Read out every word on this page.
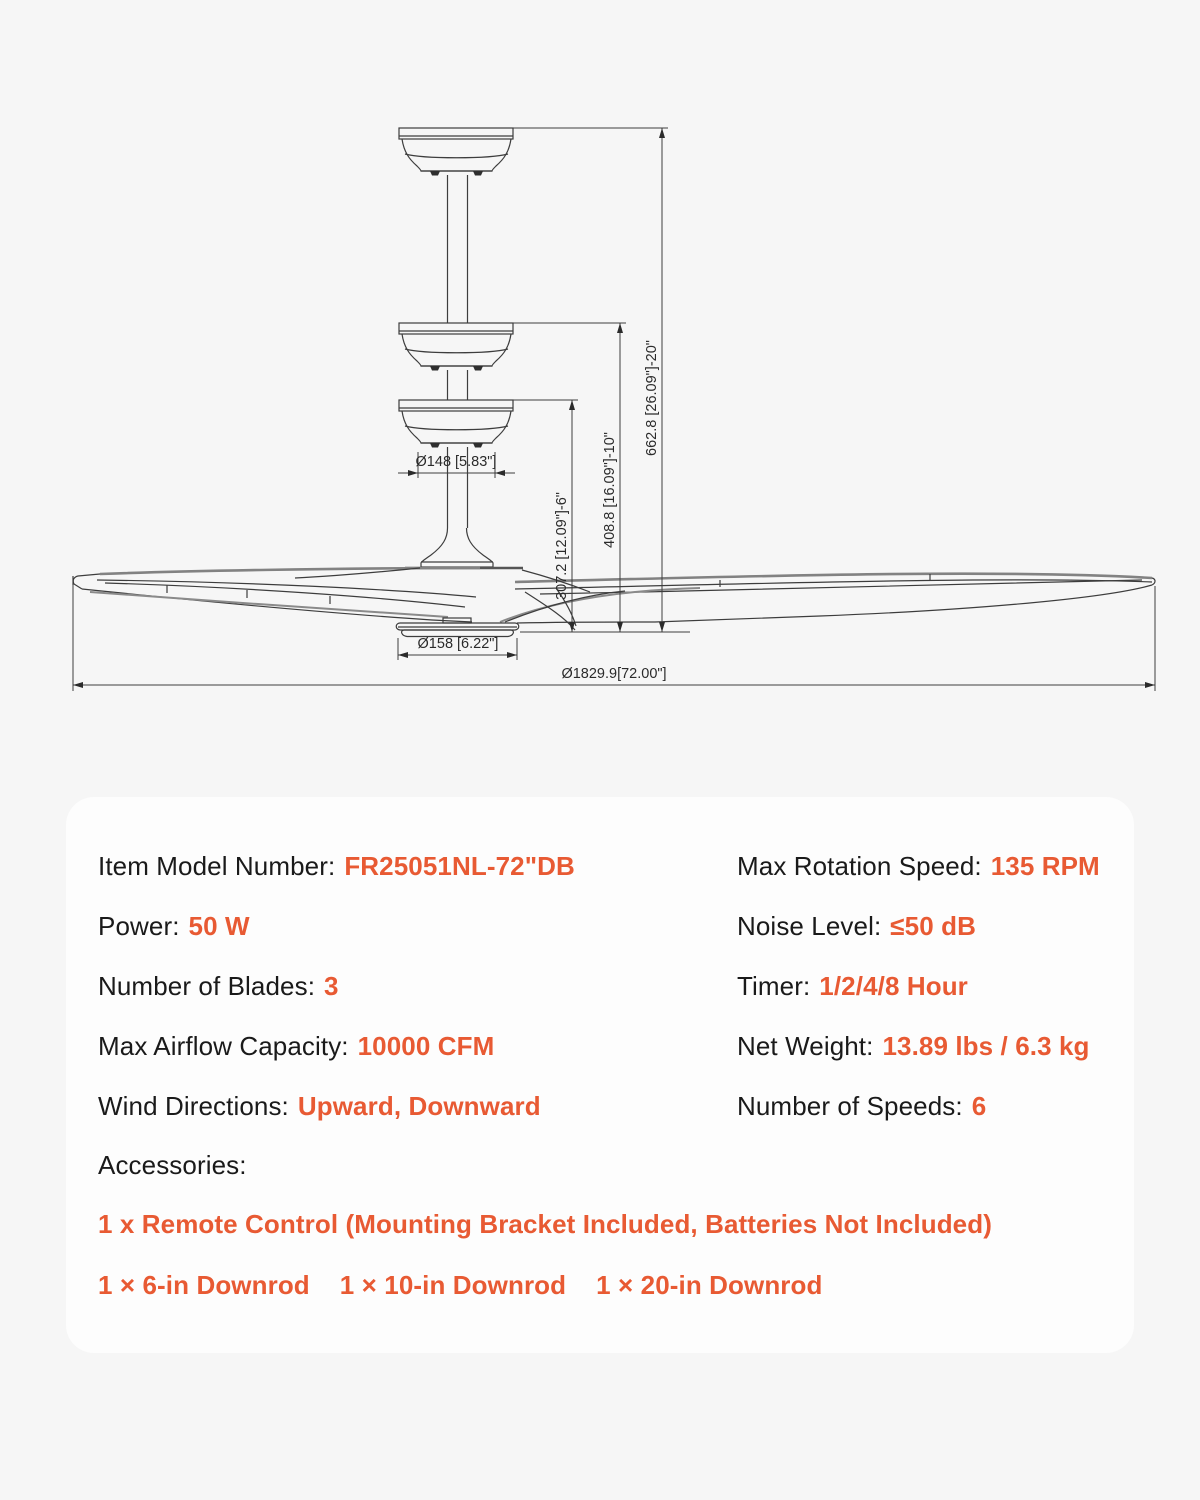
Ø148 [5.83"]
Ø158 [6.22"]
Ø1829.9[72.00"]
307.2 [12.09"]-6" 408.8 [16.09"]-10"
662.8 [26.09"]-20"
Item Model Number: FR25051NL-72"DB
Power: 50 W
Number of Blades: 3
Max Airflow Capacity: 10000 CFM
Wind Directions: Upward, Downward
Max Rotation Speed: 135 RPM
Noise Level: ≤50 dB
Timer: 1/2/4/8 Hour
Net Weight: 13.89 lbs / 6.3 kg
Number of Speeds: 6
Accessories:
1 x Remote Control (Mounting Bracket Included, Batteries Not Included)
1 × 6-in Downrod 1 × 10-in Downrod 1 × 20-in Downrod
